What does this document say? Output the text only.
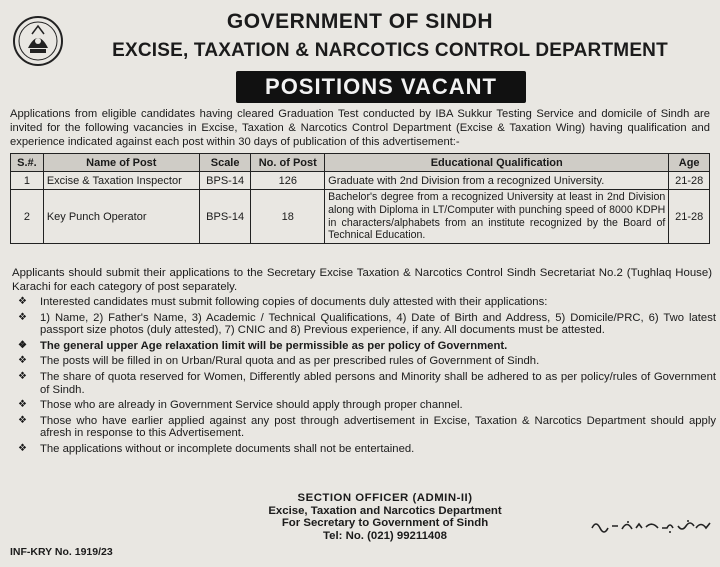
GOVERNMENT OF SINDH
EXCISE, TAXATION & NARCOTICS CONTROL DEPARTMENT
POSITIONS VACANT
Applications from eligible candidates having cleared Graduation Test conducted by IBA Sukkur Testing Service and domicile of Sindh are invited for the following vacancies in Excise, Taxation & Narcotics Control Department (Excise & Taxation Wing) having qualification and experience indicated against each post within 30 days of publication of this advertisement:-
S.#.	Name of Post	Scale	No. of Post	Educational Qualification	Age
1	Excise & Taxation Inspector	BPS-14	126	Graduate with 2nd Division from a recognized University.	21-28
2	Key Punch Operator	BPS-14	18	Bachelor's degree from a recognized University at least in 2nd Division along with Diploma in LT/Computer with punching speed of 8000 KDPH in characters/alphabets from an institute recognized by the Board of Technical Education.	21-28
Applicants should submit their applications to the Secretary Excise Taxation & Narcotics Control Sindh Secretariat No.2 (Tughlaq House) Karachi for each category of post separately.
❖ Interested candidates must submit following copies of documents duly attested with their applications:
❖ 1) Name, 2) Father's Name, 3) Academic / Technical Qualifications, 4) Date of Birth and Address, 5) Domicile/PRC, 6) Two latest passport size photos (duly attested), 7) CNIC and 8) Previous experience, if any. All documents must be attested.
❖ The general upper Age relaxation limit will be permissible as per policy of Government.
❖ The posts will be filled in on Urban/Rural quota and as per prescribed rules of Government of Sindh.
❖ The share of quota reserved for Women, Differently abled persons and Minority shall be adhered to as per policy/rules of Government of Sindh.
❖ Those who are already in Government Service should apply through proper channel.
❖ Those who have earlier applied against any post through advertisement in Excise, Taxation & Narcotics Department should apply afresh in response to this Advertisement.
❖ The applications without or incomplete documents shall not be entertained.
SECTION OFFICER (ADMIN-II)
Excise, Taxation and Narcotics Department
For Secretary to Government of Sindh
Tel: No. (021) 99211408
INF-KRY No. 1919/23
